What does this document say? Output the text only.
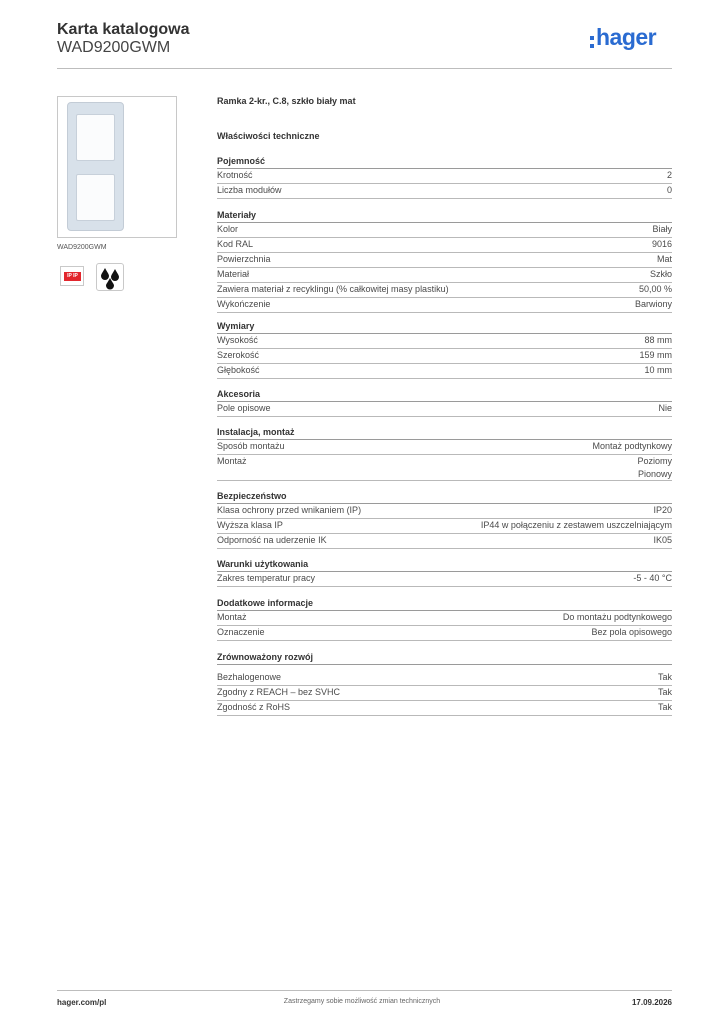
Karta katalogowa
WAD9200GWM	hager
WAD9200GWM
IP IP
Ramka 2-kr., C.8, szkło biały mat
Właściwości techniczne
Pojemność
Krotność	2
Liczba modułów	0
Materiały
Kolor	Biały
Kod RAL	9016
Powierzchnia	Mat
Materiał	Szkło
Zawiera materiał z recyklingu (% całkowitej masy plastiku)	50,00 %
Wykończenie	Barwiony
Wymiary
Wysokość	88 mm
Szerokość	159 mm
Głębokość	10 mm
Akcesoria
Pole opisowe	Nie
Instalacja, montaż
Sposób montażu	Montaż podtynkowy
Montaż	Poziomy
Pionowy
Bezpieczeństwo
Klasa ochrony przed wnikaniem (IP)	IP20
Wyższa klasa IP	IP44 w połączeniu z zestawem uszczelniającym
Odporność na uderzenie IK	IK05
Warunki użytkowania
Zakres temperatur pracy	-5 - 40 °C
Dodatkowe informacje
Montaż	Do montażu podtynkowego
Oznaczenie	Bez pola opisowego
Zrównoważony rozwój
Bezhalogenowe	Tak
Zgodny z REACH – bez SVHC	Tak
Zgodność z RoHS	Tak
hager.com/pl	Zastrzegamy sobie możliwość zmian technicznych	17.09.2026
